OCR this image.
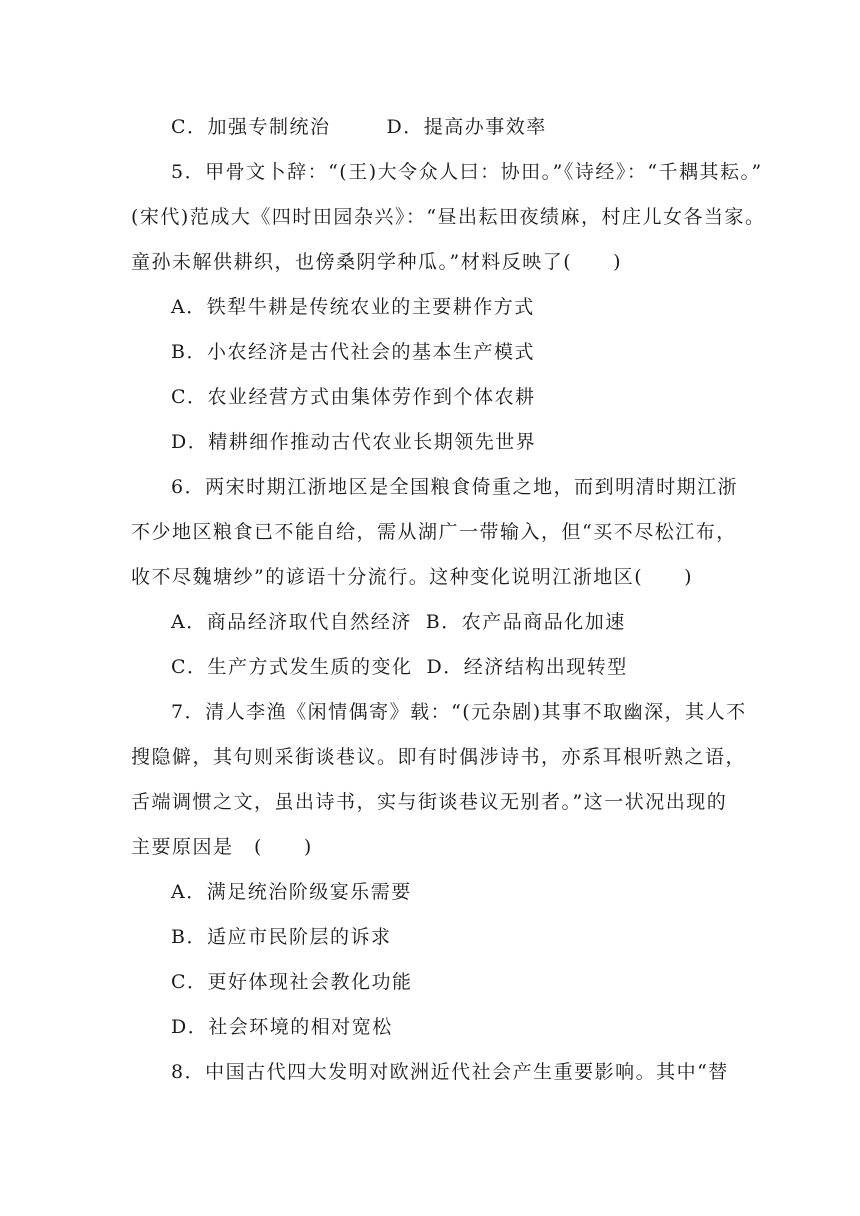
C．加强专制统治	D．提高办事效率
5．甲骨文卜辞：“(王)大令众人曰：协田。”《诗经》：“千耦其耘。”
(宋代)范成大《四时田园杂兴》：“昼出耘田夜绩麻，村庄儿女各当家。
童孙未解供耕织，也傍桑阴学种瓜。”材料反映了(　　)
A．铁犁牛耕是传统农业的主要耕作方式
B．小农经济是古代社会的基本生产模式
C．农业经营方式由集体劳作到个体农耕
D．精耕细作推动古代农业长期领先世界
6．两宋时期江浙地区是全国粮食倚重之地，而到明清时期江浙
不少地区粮食已不能自给，需从湖广一带输入，但“买不尽松江布，
收不尽魏塘纱”的谚语十分流行。这种变化说明江浙地区(　　)
A．商品经济取代自然经济 B．农产品商品化加速
C．生产方式发生质的变化 D．经济结构出现转型
7．清人李渔《闲情偶寄》载：“(元杂剧)其事不取幽深，其人不
搜隐僻，其句则采街谈巷议。即有时偶涉诗书，亦系耳根听熟之语，
舌端调惯之文，虽出诗书，实与街谈巷议无别者。”这一状况出现的
主要原因是　(　　)
A．满足统治阶级宴乐需要
B．适应市民阶层的诉求
C．更好体现社会教化功能
D．社会环境的相对宽松
8．中国古代四大发明对欧洲近代社会产生重要影响。其中“替
